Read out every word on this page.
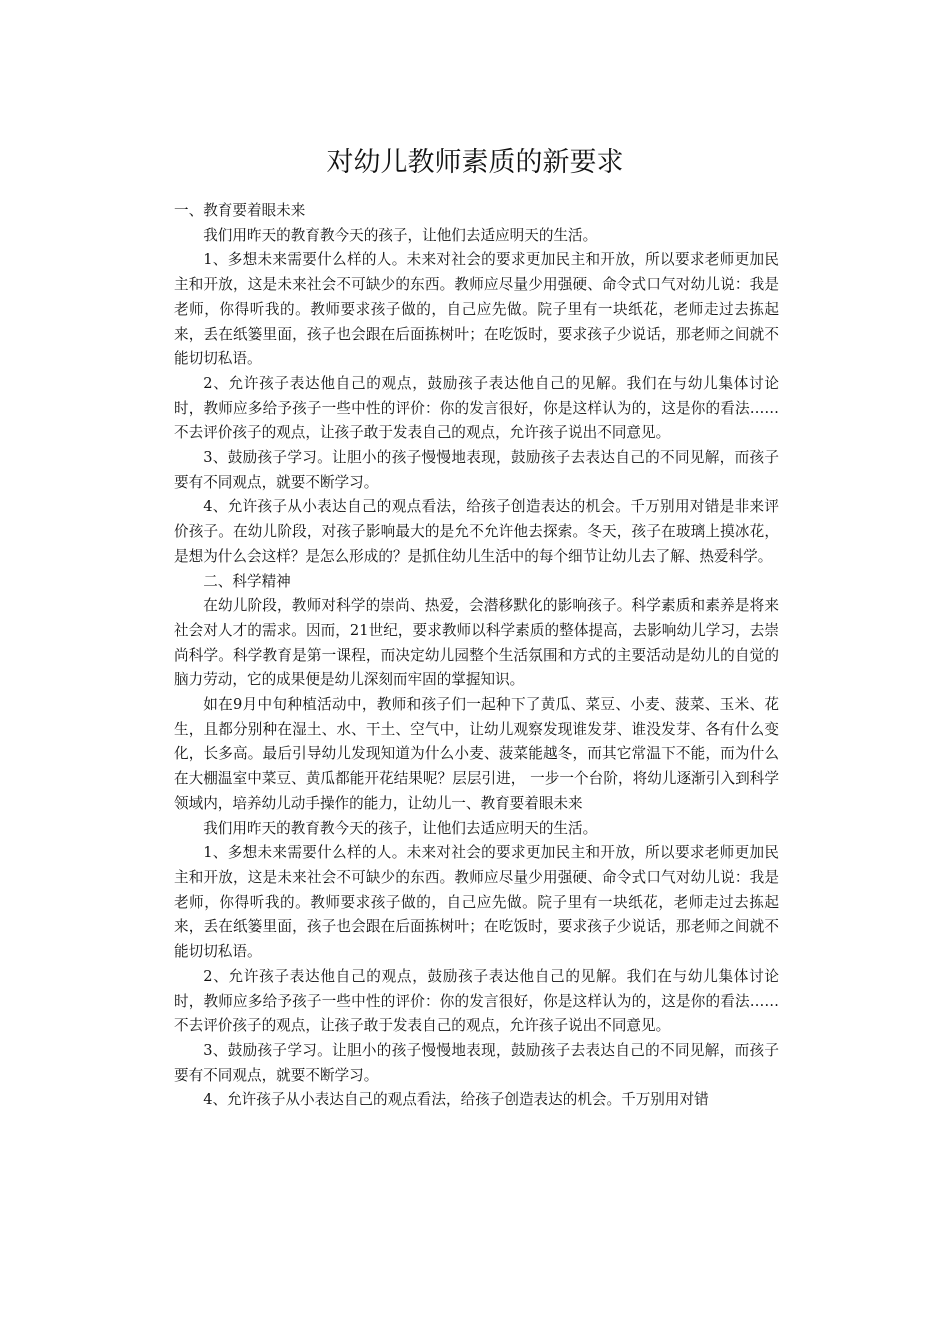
对幼儿教师素质的新要求

一、教育要着眼未来

我们用昨天的教育教今天的孩子，让他们去适应明天的生活。

1、多想未来需要什么样的人。未来对社会的要求更加民主和开放，所以要求老师更加民主和开放，这是未来社会不可缺少的东西。教师应尽量少用强硬、命令式口气对幼儿说：我是老师，你得听我的。教师要求孩子做的，自己应先做。院子里有一块纸花，老师走过去拣起来，丢在纸篓里面，孩子也会跟在后面拣树叶；在吃饭时，要求孩子少说话，那老师之间就不能切切私语。

2、允许孩子表达他自己的观点，鼓励孩子表达他自己的见解。我们在与幼儿集体讨论时，教师应多给予孩子一些中性的评价：你的发言很好，你是这样认为的，这是你的看法……不去评价孩子的观点，让孩子敢于发表自己的观点，允许孩子说出不同意见。

3、鼓励孩子学习。让胆小的孩子慢慢地表现，鼓励孩子去表达自己的不同见解，而孩子要有不同观点，就要不断学习。

4、允许孩子从小表达自己的观点看法，给孩子创造表达的机会。千万别用对错是非来评价孩子。在幼儿阶段，对孩子影响最大的是允不允许他去探索。冬天，孩子在玻璃上摸冰花，是想为什么会这样？是怎么形成的？是抓住幼儿生活中的每个细节让幼儿去了解、热爱科学。

二、科学精神

在幼儿阶段，教师对科学的崇尚、热爱，会潜移默化的影响孩子。科学素质和素养是将来社会对人才的需求。因而，21世纪，要求教师以科学素质的整体提高，去影响幼儿学习，去崇尚科学。科学教育是第一课程，而决定幼儿园整个生活氛围和方式的主要活动是幼儿的自觉的脑力劳动，它的成果便是幼儿深刻而牢固的掌握知识。

如在9月中旬种植活动中，教师和孩子们一起种下了黄瓜、菜豆、小麦、菠菜、玉米、花生，且都分别种在湿土、水、干土、空气中，让幼儿观察发现谁发芽、谁没发芽、各有什么变化，长多高。最后引导幼儿发现知道为什么小麦、菠菜能越冬，而其它常温下不能，而为什么在大棚温室中菜豆、黄瓜都能开花结果呢？层层引进， 一步一个台阶，将幼儿逐渐引入到科学领域内，培养幼儿动手操作的能力，让幼儿一、教育要着眼未来

我们用昨天的教育教今天的孩子，让他们去适应明天的生活。

1、多想未来需要什么样的人。未来对社会的要求更加民主和开放，所以要求老师更加民主和开放，这是未来社会不可缺少的东西。教师应尽量少用强硬、命令式口气对幼儿说：我是老师，你得听我的。教师要求孩子做的，自己应先做。院子里有一块纸花，老师走过去拣起来，丢在纸篓里面，孩子也会跟在后面拣树叶；在吃饭时，要求孩子少说话，那老师之间就不能切切私语。

2、允许孩子表达他自己的观点，鼓励孩子表达他自己的见解。我们在与幼儿集体讨论时，教师应多给予孩子一些中性的评价：你的发言很好，你是这样认为的，这是你的看法……不去评价孩子的观点，让孩子敢于发表自己的观点，允许孩子说出不同意见。

3、鼓励孩子学习。让胆小的孩子慢慢地表现，鼓励孩子去表达自己的不同见解，而孩子要有不同观点，就要不断学习。

4、允许孩子从小表达自己的观点看法，给孩子创造表达的机会。千万别用对错
